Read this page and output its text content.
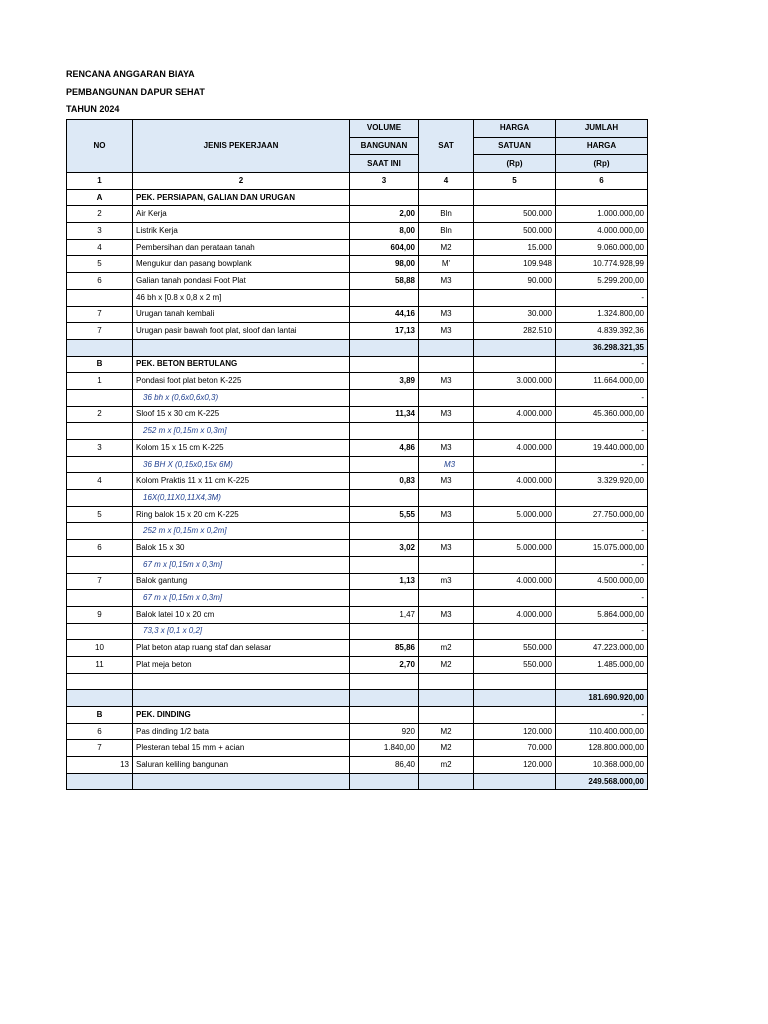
RENCANA ANGGARAN BIAYA
PEMBANGUNAN DAPUR SEHAT
TAHUN 2024
NO	JENIS PEKERJAAN	VOLUME	SAT	HARGA	JUMLAH
		BANGUNAN		SATUAN	HARGA
		SAAT INI		(Rp)	(Rp)
1	2	3	4	5	6
A	PEK. PERSIAPAN, GALIAN DAN URUGAN				
2	Air Kerja	2,00	Bln	500.000	1.000.000,00
3	Listrik Kerja	8,00	Bln	500.000	4.000.000,00
4	Pembersihan dan perataan tanah	604,00	M2	15.000	9.060.000,00
5	Mengukur dan pasang bowplank	98,00	M'	109.948	10.774.928,99
6	Galian tanah pondasi Foot Plat	58,88	M3	90.000	5.299.200,00
	46 bh x [0.8 x 0,8 x 2 m]				-
7	Urugan tanah kembali	44,16	M3	30.000	1.324.800,00
7	Urugan pasir bawah foot plat, sloof dan lantai	17,13	M3	282.510	4.839.392,36
					36.298.321,35
B	PEK. BETON BERTULANG				-
1	Pondasi foot plat beton K-225	3,89	M3	3.000.000	11.664.000,00
	36 bh x (0,6x0,6x0,3)				-
2	Sloof 15 x 30 cm K-225	11,34	M3	4.000.000	45.360.000,00
	252 m x [0,15m x 0,3m]				-
3	Kolom 15 x 15 cm K-225	4,86	M3	4.000.000	19.440.000,00
	36 BH X (0,15x0,15x 6M)		M3		-
4	Kolom Praktis 11 x 11 cm K-225	0,83	M3	4.000.000	3.329.920,00
	16X(0,11X0,11X4,3M)				
5	Ring balok 15 x 20 cm K-225	5,55	M3	5.000.000	27.750.000,00
	252 m x [0,15m x 0,2m]				-
6	Balok 15 x 30	3,02	M3	5.000.000	15.075.000,00
	67 m x [0,15m x 0,3m]				-
7	Balok gantung	1,13	m3	4.000.000	4.500.000,00
	67 m x [0,15m x 0,3m]				-
9	Balok latei 10 x 20 cm	1,47	M3	4.000.000	5.864.000,00
	73,3 x [0,1 x 0,2]				-
10	Plat beton atap ruang staf dan selasar	85,86	m2	550.000	47.223.000,00
11	Plat meja beton	2,70	M2	550.000	1.485.000,00

					181.690.920,00
B	PEK. DINDING				-
6	Pas dinding 1/2 bata	920	M2	120.000	110.400.000,00
7	Plesteran tebal 15 mm + acian	1.840,00	M2	70.000	128.800.000,00
13	Saluran keliling bangunan	86,40	m2	120.000	10.368.000,00
					249.568.000,00
